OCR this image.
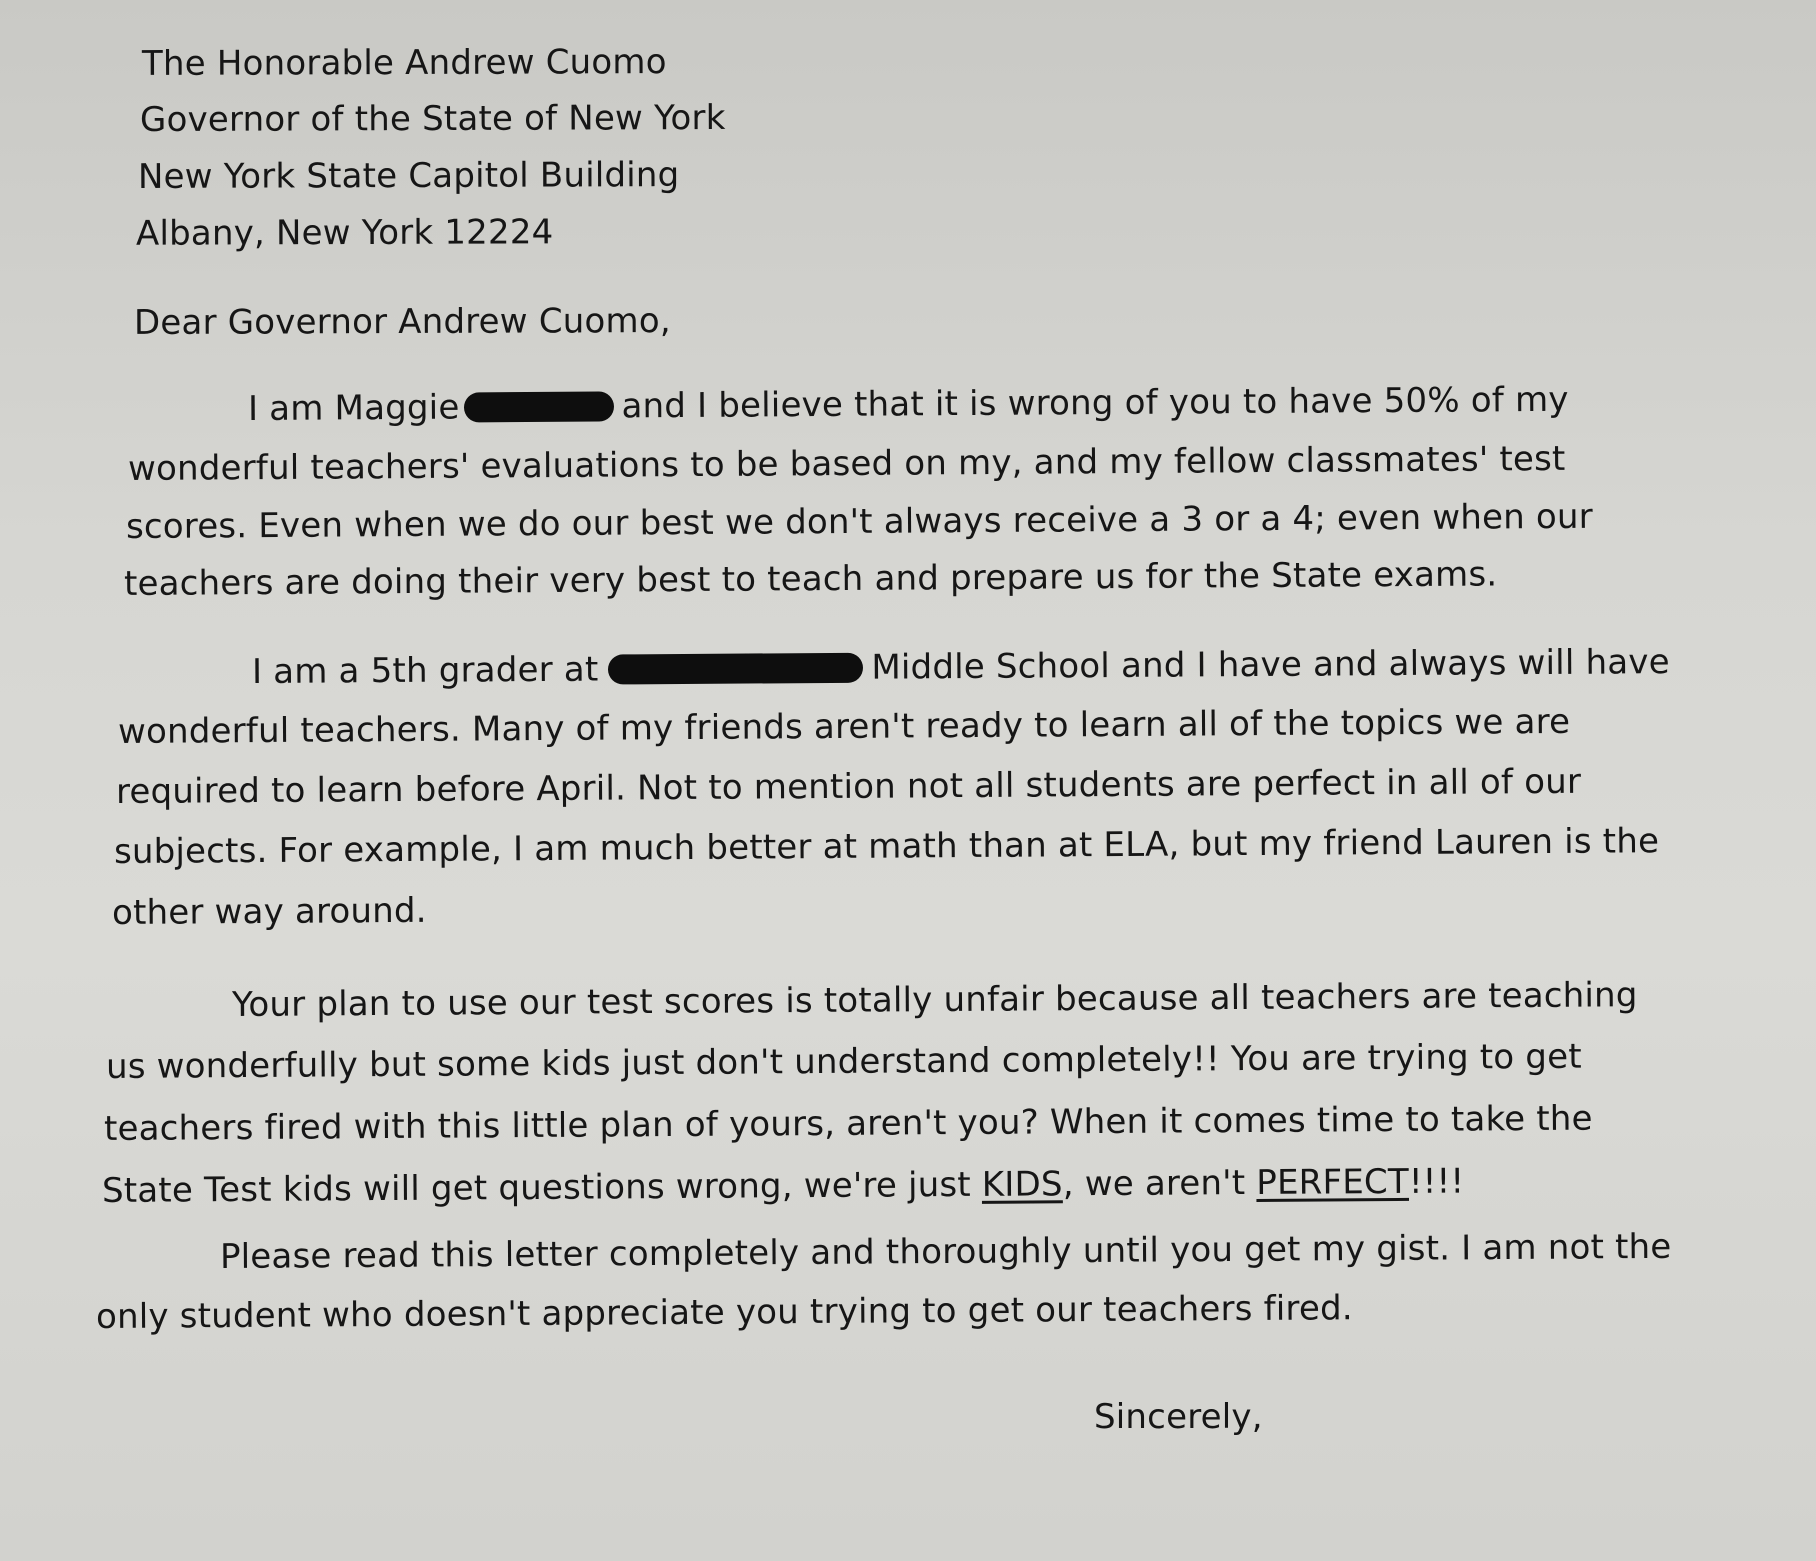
The Honorable Andrew Cuomo
Governor of the State of New York
New York State Capitol Building
Albany, New York 12224
Dear Governor Andrew Cuomo,
I am Maggie	and I believe that it is wrong of you to have 50% of my
wonderful teachers' evaluations to be based on my, and my fellow classmates' test
scores. Even when we do our best we don't always receive a 3 or a 4; even when our
teachers are doing their very best to teach and prepare us for the State exams.
I am a 5th grader at	Middle School and I have and always will have
wonderful teachers. Many of my friends aren't ready to learn all of the topics we are
required to learn before April. Not to mention not all students are perfect in all of our
subjects. For example, I am much better at math than at ELA, but my friend Lauren is the
other way around.
Your plan to use our test scores is totally unfair because all teachers are teaching
us wonderfully but some kids just don't understand completely!! You are trying to get
teachers fired with this little plan of yours, aren't you? When it comes time to take the
State Test kids will get questions wrong, we're just KIDS, we aren't PERFECT!!!!
Please read this letter completely and thoroughly until you get my gist. I am not the
only student who doesn't appreciate you trying to get our teachers fired.
Sincerely,
